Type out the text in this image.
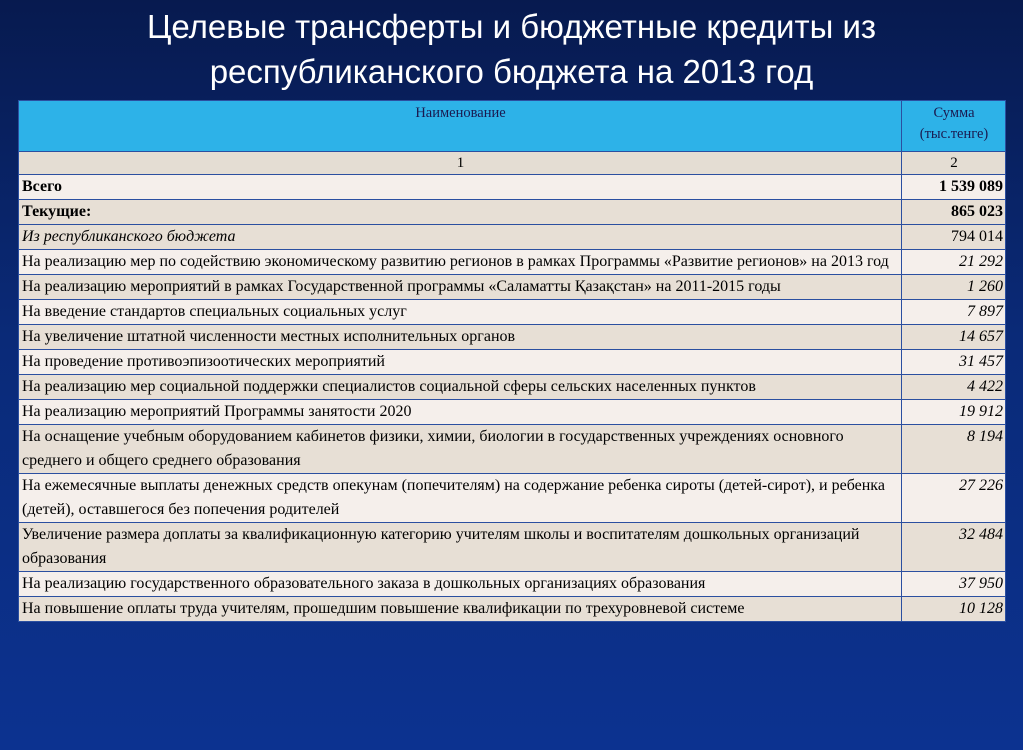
Целевые трансферты и бюджетные кредиты из
республиканского бюджета на 2013 год
Наименование	Сумма
(тыс.тенге)
1	2
Всего	1 539 089
Текущие:	865 023
Из республиканского бюджета	794 014
На реализацию мер по содействию экономическому развитию регионов в рамках Программы «Развитие регионов» на 2013 год	21 292
На реализацию мероприятий в рамках Государственной программы «Саламатты Қазақстан» на 2011-2015 годы	1 260
На введение стандартов специальных социальных услуг	7 897
На увеличение штатной численности местных исполнительных органов	14 657
На проведение противоэпизоотических мероприятий	31 457
На реализацию мер социальной поддержки специалистов социальной сферы сельских населенных пунктов	4 422
На реализацию мероприятий Программы занятости 2020	19 912
На оснащение учебным оборудованием кабинетов физики, химии, биологии в государственных учреждениях основного среднего и общего среднего образования	8 194
На ежемесячные выплаты денежных средств опекунам (попечителям) на содержание ребенка сироты (детей-сирот), и ребенка (детей), оставшегося без попечения родителей	27 226
Увеличение размера доплаты за квалификационную категорию учителям школы и воспитателям дошкольных организаций образования	32 484
На реализацию государственного образовательного заказа в дошкольных организациях образования	37 950
На повышение оплаты труда учителям, прошедшим повышение квалификации по трехуровневой системе	10 128
